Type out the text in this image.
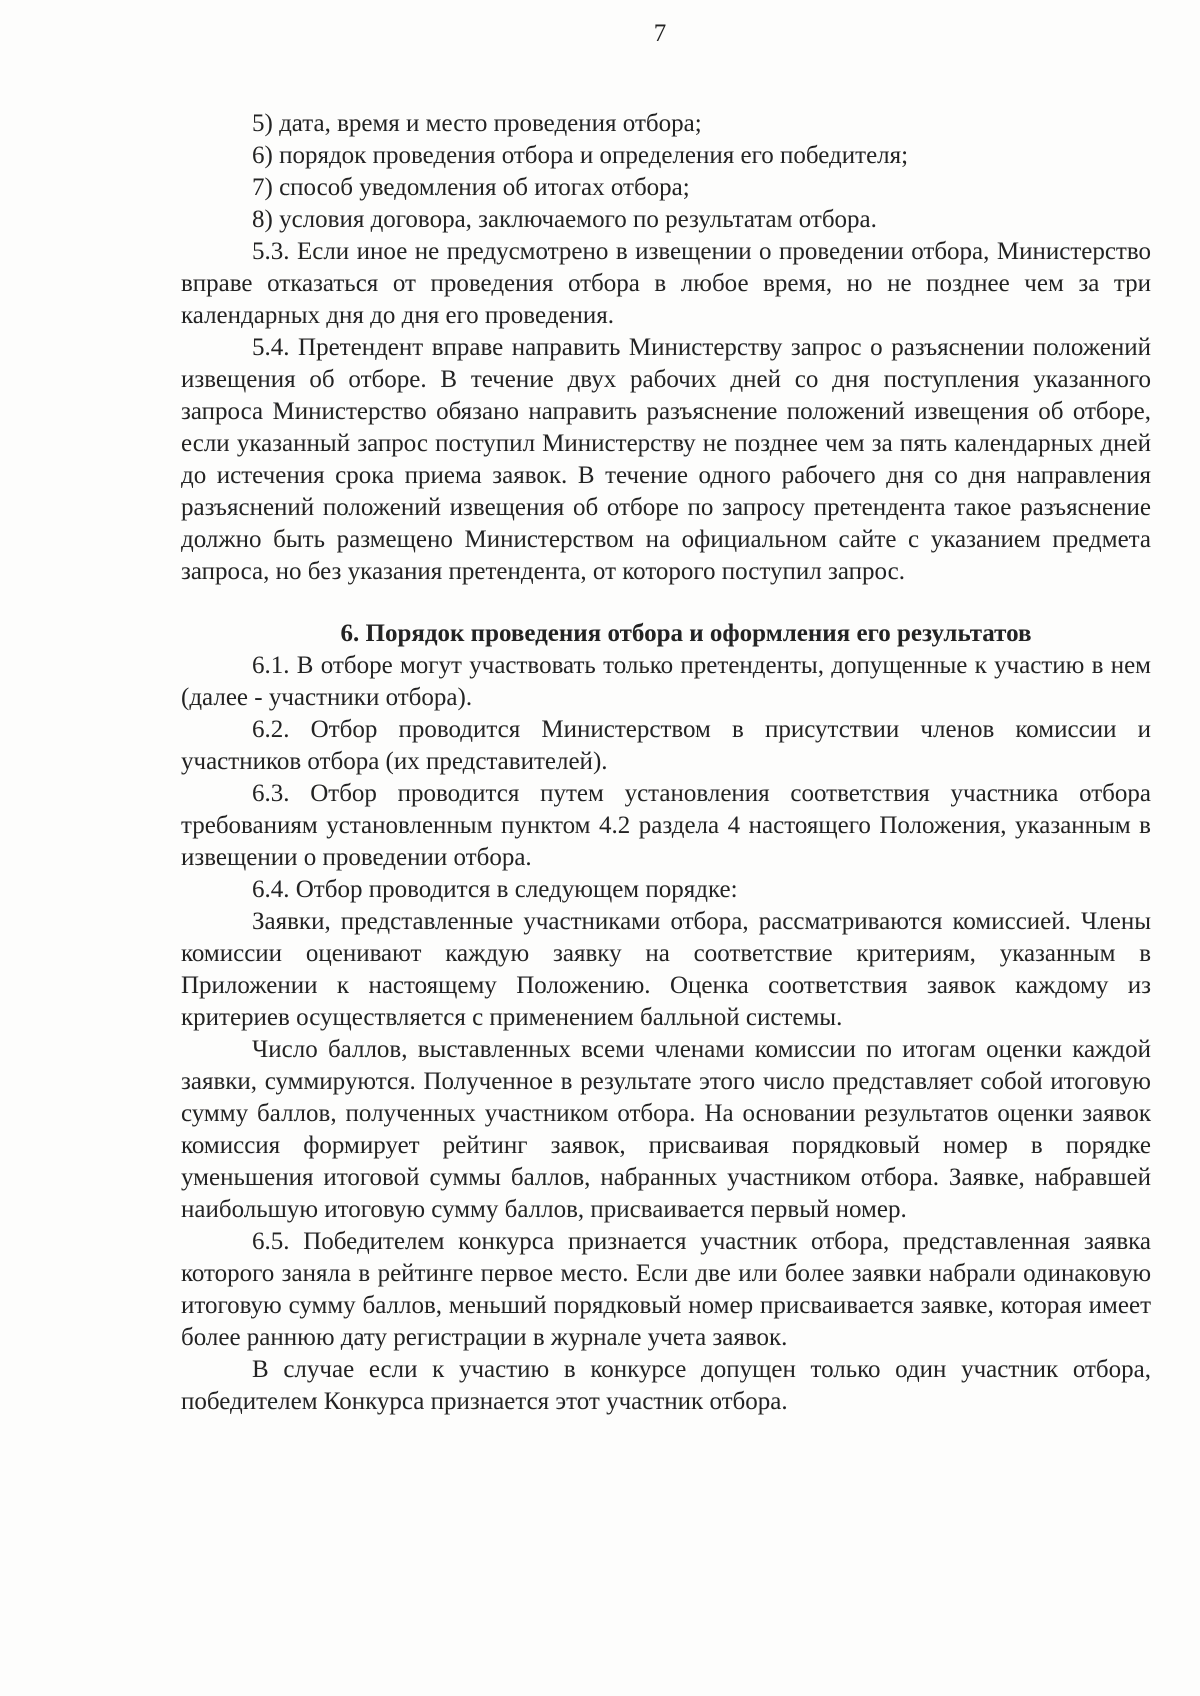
7

5) дата, время и место проведения отбора;

6) порядок проведения отбора и определения его победителя;

7) способ уведомления об итогах отбора;

8) условия договора, заключаемого по результатам отбора.

5.3. Если иное не предусмотрено в извещении о проведении отбора, Министерство вправе отказаться от проведения отбора в любое время, но не позднее чем за три календарных дня до дня его проведения.

5.4. Претендент вправе направить Министерству запрос о разъяснении положений извещения об отборе. В течение двух рабочих дней со дня поступления указанного запроса Министерство обязано направить разъяснение положений извещения об отборе, если указанный запрос поступил Министерству не позднее чем за пять календарных дней до истечения срока приема заявок. В течение одного рабочего дня со дня направления разъяснений положений извещения об отборе по запросу претендента такое разъяснение должно быть размещено Министерством на официальном сайте с указанием предмета запроса, но без указания претендента, от которого поступил запрос.

6. Порядок проведения отбора и оформления его результатов

6.1. В отборе могут участвовать только претенденты, допущенные к участию в нем (далее - участники отбора).

6.2. Отбор проводится Министерством в присутствии членов комиссии и участников отбора (их представителей).

6.3. Отбор проводится путем установления соответствия участника отбора требованиям установленным пунктом 4.2 раздела 4 настоящего Положения, указанным в извещении о проведении отбора.

6.4. Отбор проводится в следующем порядке:

Заявки, представленные участниками отбора, рассматриваются комиссией. Члены комиссии оценивают каждую заявку на соответствие критериям, указанным в Приложении к настоящему Положению. Оценка соответствия заявок каждому из критериев осуществляется с применением балльной системы.

Число баллов, выставленных всеми членами комиссии по итогам оценки каждой заявки, суммируются. Полученное в результате этого число представляет собой итоговую сумму баллов, полученных участником отбора. На основании результатов оценки заявок комиссия формирует рейтинг заявок, присваивая порядковый номер в порядке уменьшения итоговой суммы баллов, набранных участником отбора. Заявке, набравшей наибольшую итоговую сумму баллов, присваивается первый номер.

6.5. Победителем конкурса признается участник отбора, представленная заявка которого заняла в рейтинге первое место. Если две или более заявки набрали одинаковую итоговую сумму баллов, меньший порядковый номер присваивается заявке, которая имеет более раннюю дату регистрации в журнале учета заявок.

В случае если к участию в конкурсе допущен только один участник отбора, победителем Конкурса признается этот участник отбора.
